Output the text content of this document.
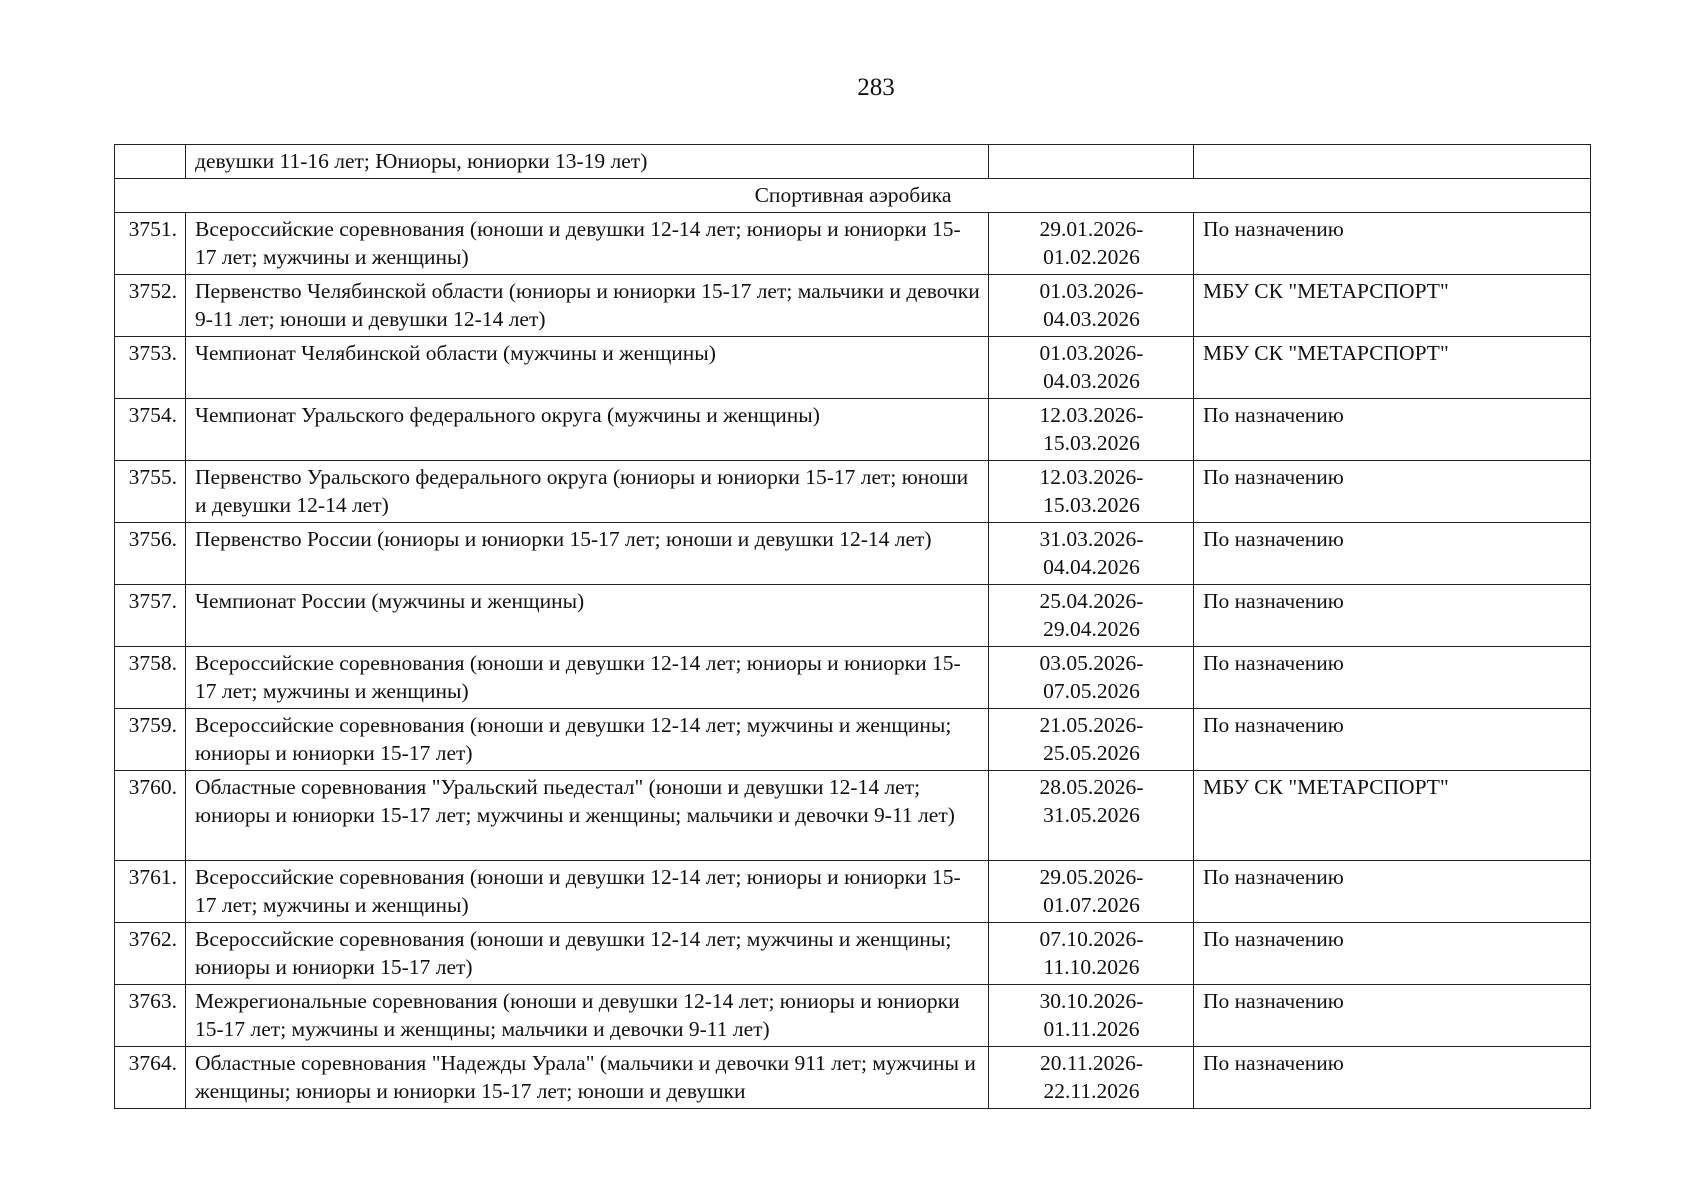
283
	девушки 11-16 лет; Юниоры, юниорки 13-19 лет)		
Спортивная аэробика			
3751.	Всероссийские соревнования (юноши и девушки 12-14 лет; юниоры и юниорки 15-17 лет; мужчины и женщины)	29.01.2026-
01.02.2026	По назначению
3752.	Первенство Челябинской области (юниоры и юниорки 15-17 лет; мальчики и девочки 9-11 лет; юноши и девушки 12-14 лет)	01.03.2026-
04.03.2026	МБУ СК "МЕТАРСПОРТ"
3753.	Чемпионат Челябинской области (мужчины и женщины)	01.03.2026-
04.03.2026	МБУ СК "МЕТАРСПОРТ"
3754.	Чемпионат Уральского федерального округа (мужчины и женщины)	12.03.2026-
15.03.2026	По назначению
3755.	Первенство Уральского федерального округа (юниоры и юниорки 15-17 лет; юноши и девушки 12-14 лет)	12.03.2026-
15.03.2026	По назначению
3756.	Первенство России (юниоры и юниорки 15-17 лет; юноши и девушки 12-14 лет)	31.03.2026-
04.04.2026	По назначению
3757.	Чемпионат России (мужчины и женщины)	25.04.2026-
29.04.2026	По назначению
3758.	Всероссийские соревнования (юноши и девушки 12-14 лет; юниоры и юниорки 15-17 лет; мужчины и женщины)	03.05.2026-
07.05.2026	По назначению
3759.	Всероссийские соревнования (юноши и девушки 12-14 лет; мужчины и женщины; юниоры и юниорки 15-17 лет)	21.05.2026-
25.05.2026	По назначению
3760.	Областные соревнования "Уральский пьедестал" (юноши и девушки 12-14 лет; юниоры и юниорки 15-17 лет; мужчины и женщины; мальчики и девочки 9-11 лет)	28.05.2026-
31.05.2026	МБУ СК "МЕТАРСПОРТ"
3761.	Всероссийские соревнования (юноши и девушки 12-14 лет; юниоры и юниорки 15-17 лет; мужчины и женщины)	29.05.2026-
01.07.2026	По назначению
3762.	Всероссийские соревнования (юноши и девушки 12-14 лет; мужчины и женщины; юниоры и юниорки 15-17 лет)	07.10.2026-
11.10.2026	По назначению
3763.	Межрегиональные соревнования (юноши и девушки 12-14 лет; юниоры и юниорки 15-17 лет; мужчины и женщины; мальчики и девочки 9-11 лет)	30.10.2026-
01.11.2026	По назначению
3764.	Областные соревнования "Надежды Урала" (мальчики и девочки 911 лет; мужчины и женщины; юниоры и юниорки 15-17 лет; юноши и девушки	20.11.2026-
22.11.2026	По назначению
